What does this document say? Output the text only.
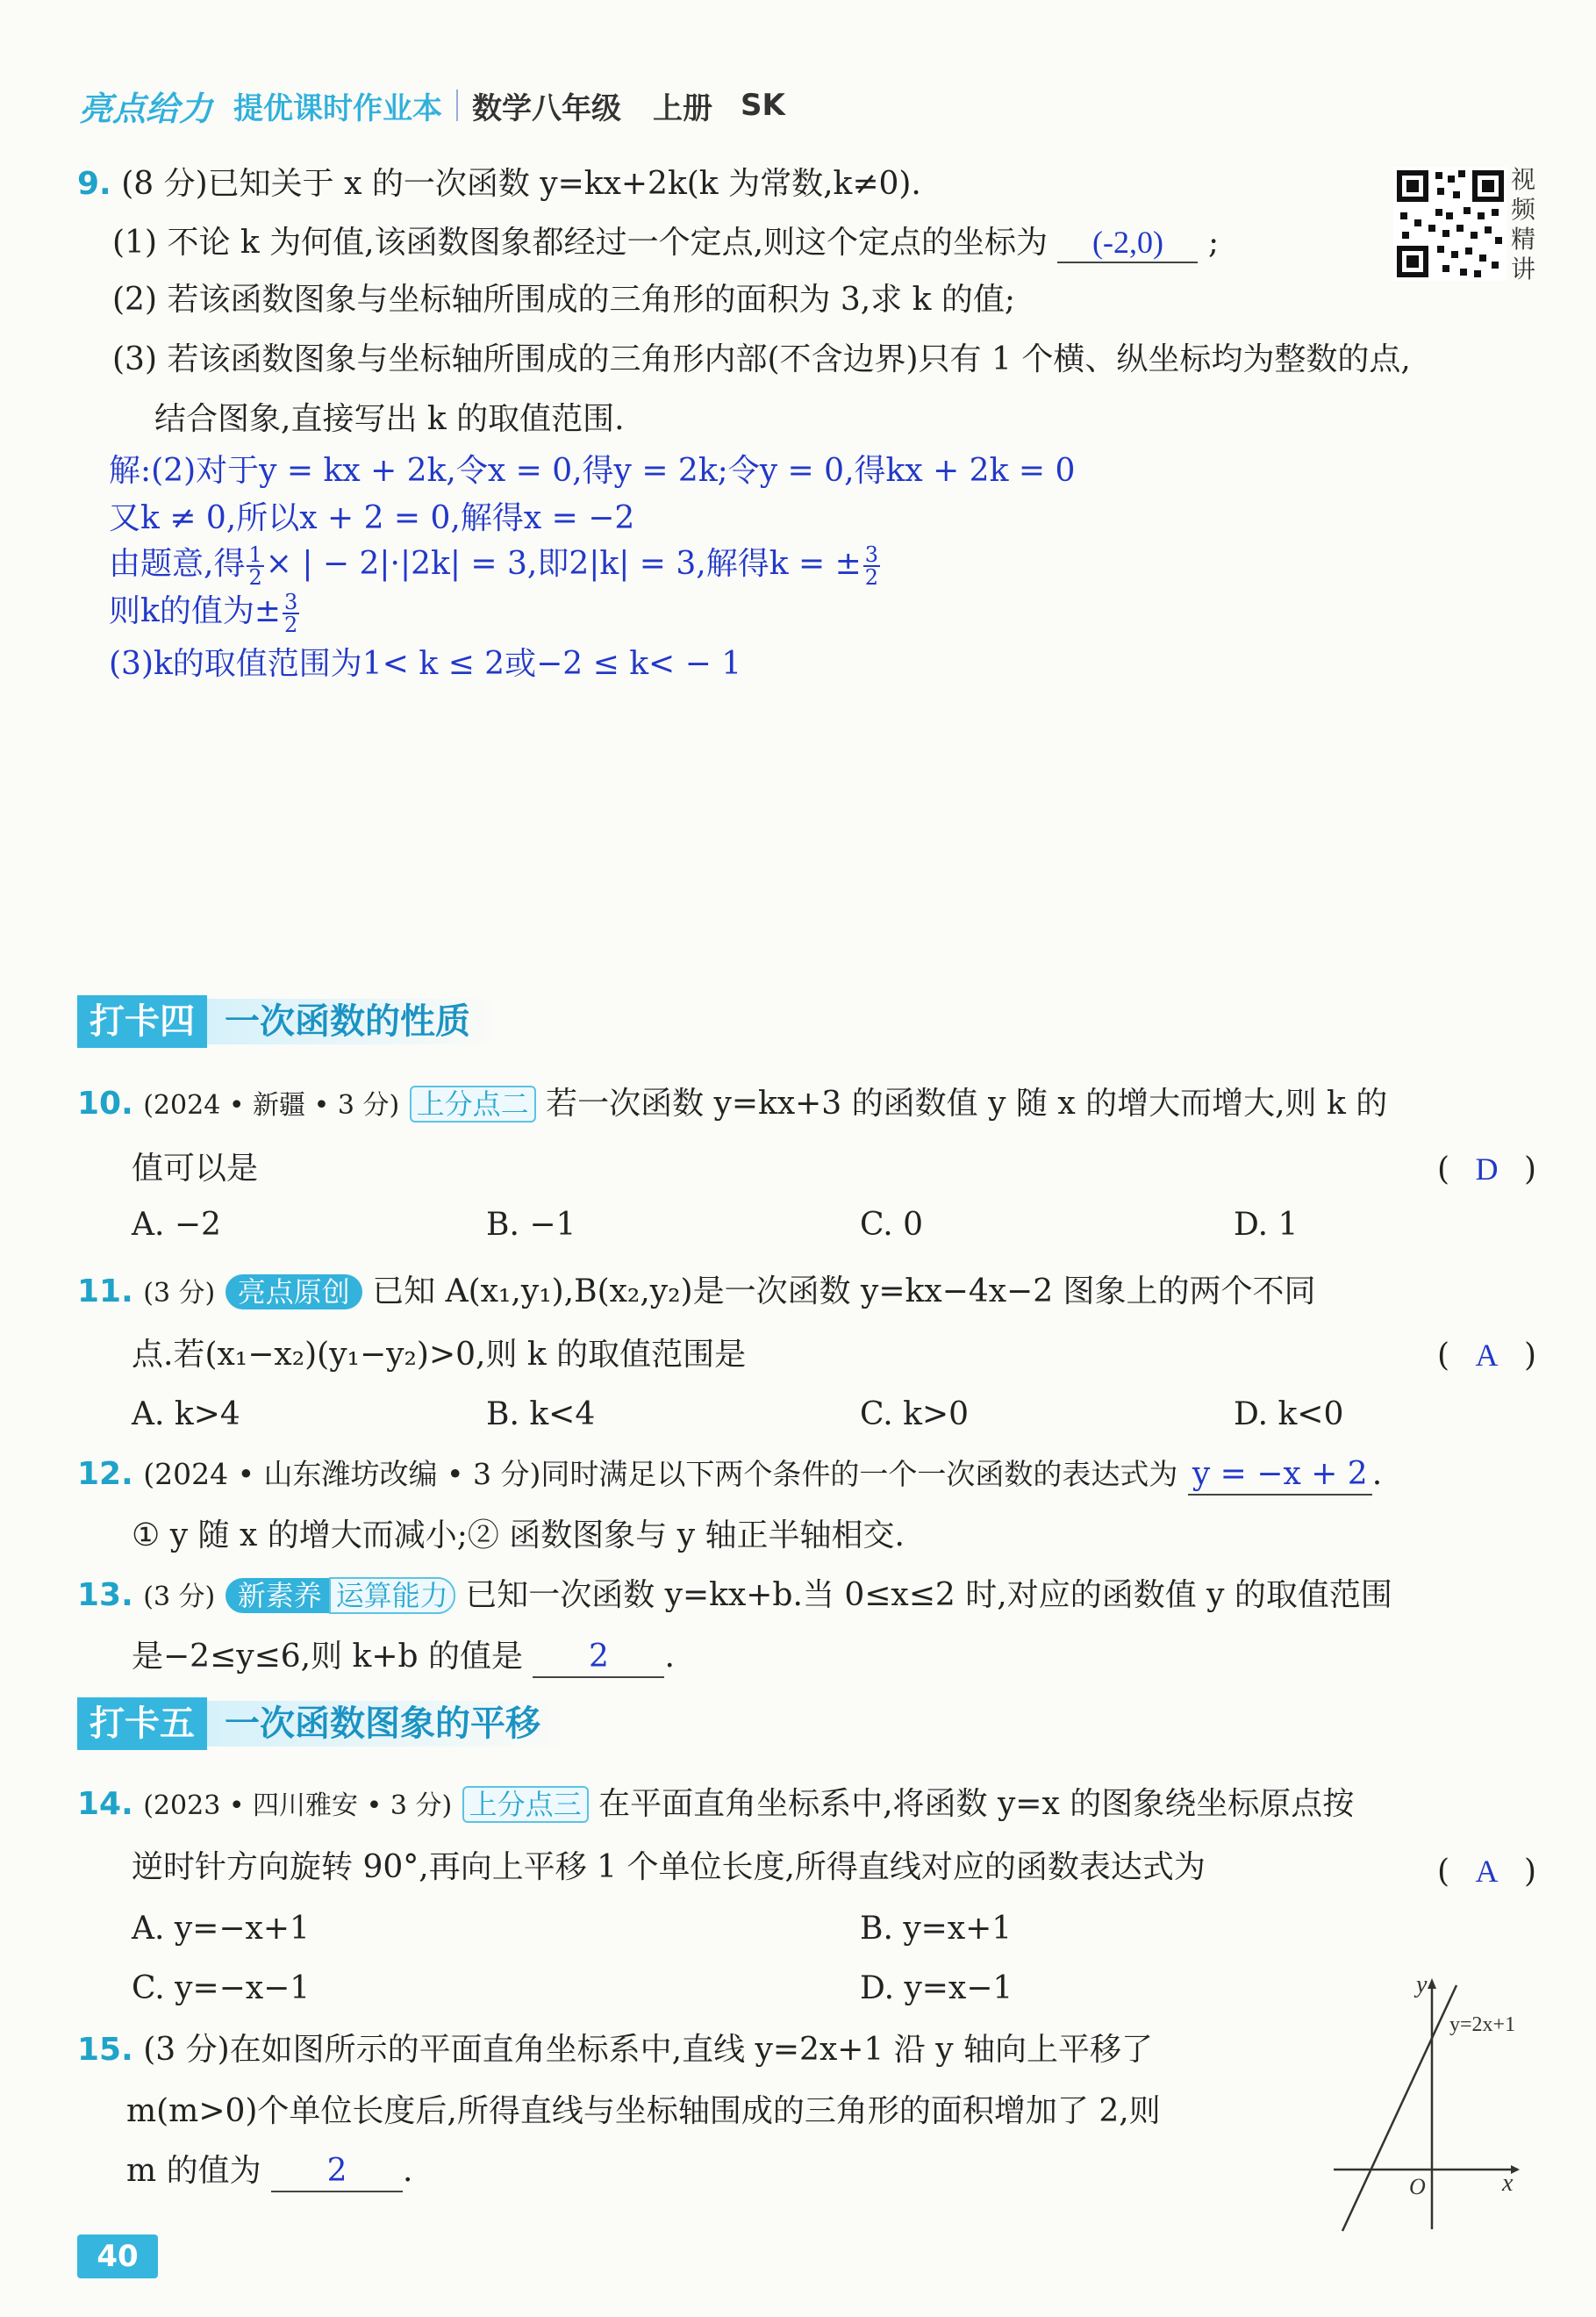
亮点给力 提优课时作业本 数学八年级 上册 SK
视
频
精
讲
9. (8 分)已知关于 x 的一次函数 y=kx+2k(k 为常数,k≠0).
(1) 不论 k 为何值,该函数图象都经过一个定点,则这个定点的坐标为 (-2,0) ;
(2) 若该函数图象与坐标轴所围成的三角形的面积为 3,求 k 的值;
(3) 若该函数图象与坐标轴所围成的三角形内部(不含边界)只有 1 个横、纵坐标均为整数的点,
结合图象,直接写出 k 的取值范围.
解:(2)对于y = kx + 2k,令x = 0,得y = 2k;令y = 0,得kx + 2k = 0
又k ≠ 0,所以x + 2 = 0,解得x = −2
由题意,得 $\frac{1}{2}$ × | − 2|·|2k| = 3,即2|k| = 3,解得k = ± $\frac{3}{2}$
则k的值为± $\frac{3}{2}$
(3)k的取值范围为1< k ≤ 2或−2 ≤ k< − 1
打卡四 一次函数的性质
10. (2024 • 新疆 • 3 分) 上分点二 若一次函数 y=kx+3 的函数值 y 随 x 的增大而增大,则 k 的
值可以是	( D )
A. −2	B. −1	C. 0	D. 1
11. (3 分) 亮点原创 已知 A(x₁,y₁),B(x₂,y₂)是一次函数 y=kx−4x−2 图象上的两个不同
点.若(x₁−x₂)(y₁−y₂)>0,则 k 的取值范围是	( A )
A. k>4	B. k<4	C. k>0	D. k<0
12. (2024 • 山东潍坊改编 • 3 分)同时满足以下两个条件的一个一次函数的表达式为 y = −x + 2 .
① y 随 x 的增大而减小;② 函数图象与 y 轴正半轴相交.
13. (3 分) 新素养 运算能力 已知一次函数 y=kx+b.当 0≤x≤2 时,对应的函数值 y 的取值范围
是−2≤y≤6,则 k+b 的值是 2 .
打卡五 一次函数图象的平移
14. (2023 • 四川雅安 • 3 分) 上分点三 在平面直角坐标系中,将函数 y=x 的图象绕坐标原点按
逆时针方向旋转 90°,再向上平移 1 个单位长度,所得直线对应的函数表达式为	( A )
A. y=−x+1	B. y=x+1
C. y=−x−1	D. y=x−1
15. (3 分)在如图所示的平面直角坐标系中,直线 y=2x+1 沿 y 轴向上平移了
m(m>0)个单位长度后,所得直线与坐标轴围成的三角形的面积增加了 2,则
m 的值为 2 .
y
x
O
y=2x+1
40
